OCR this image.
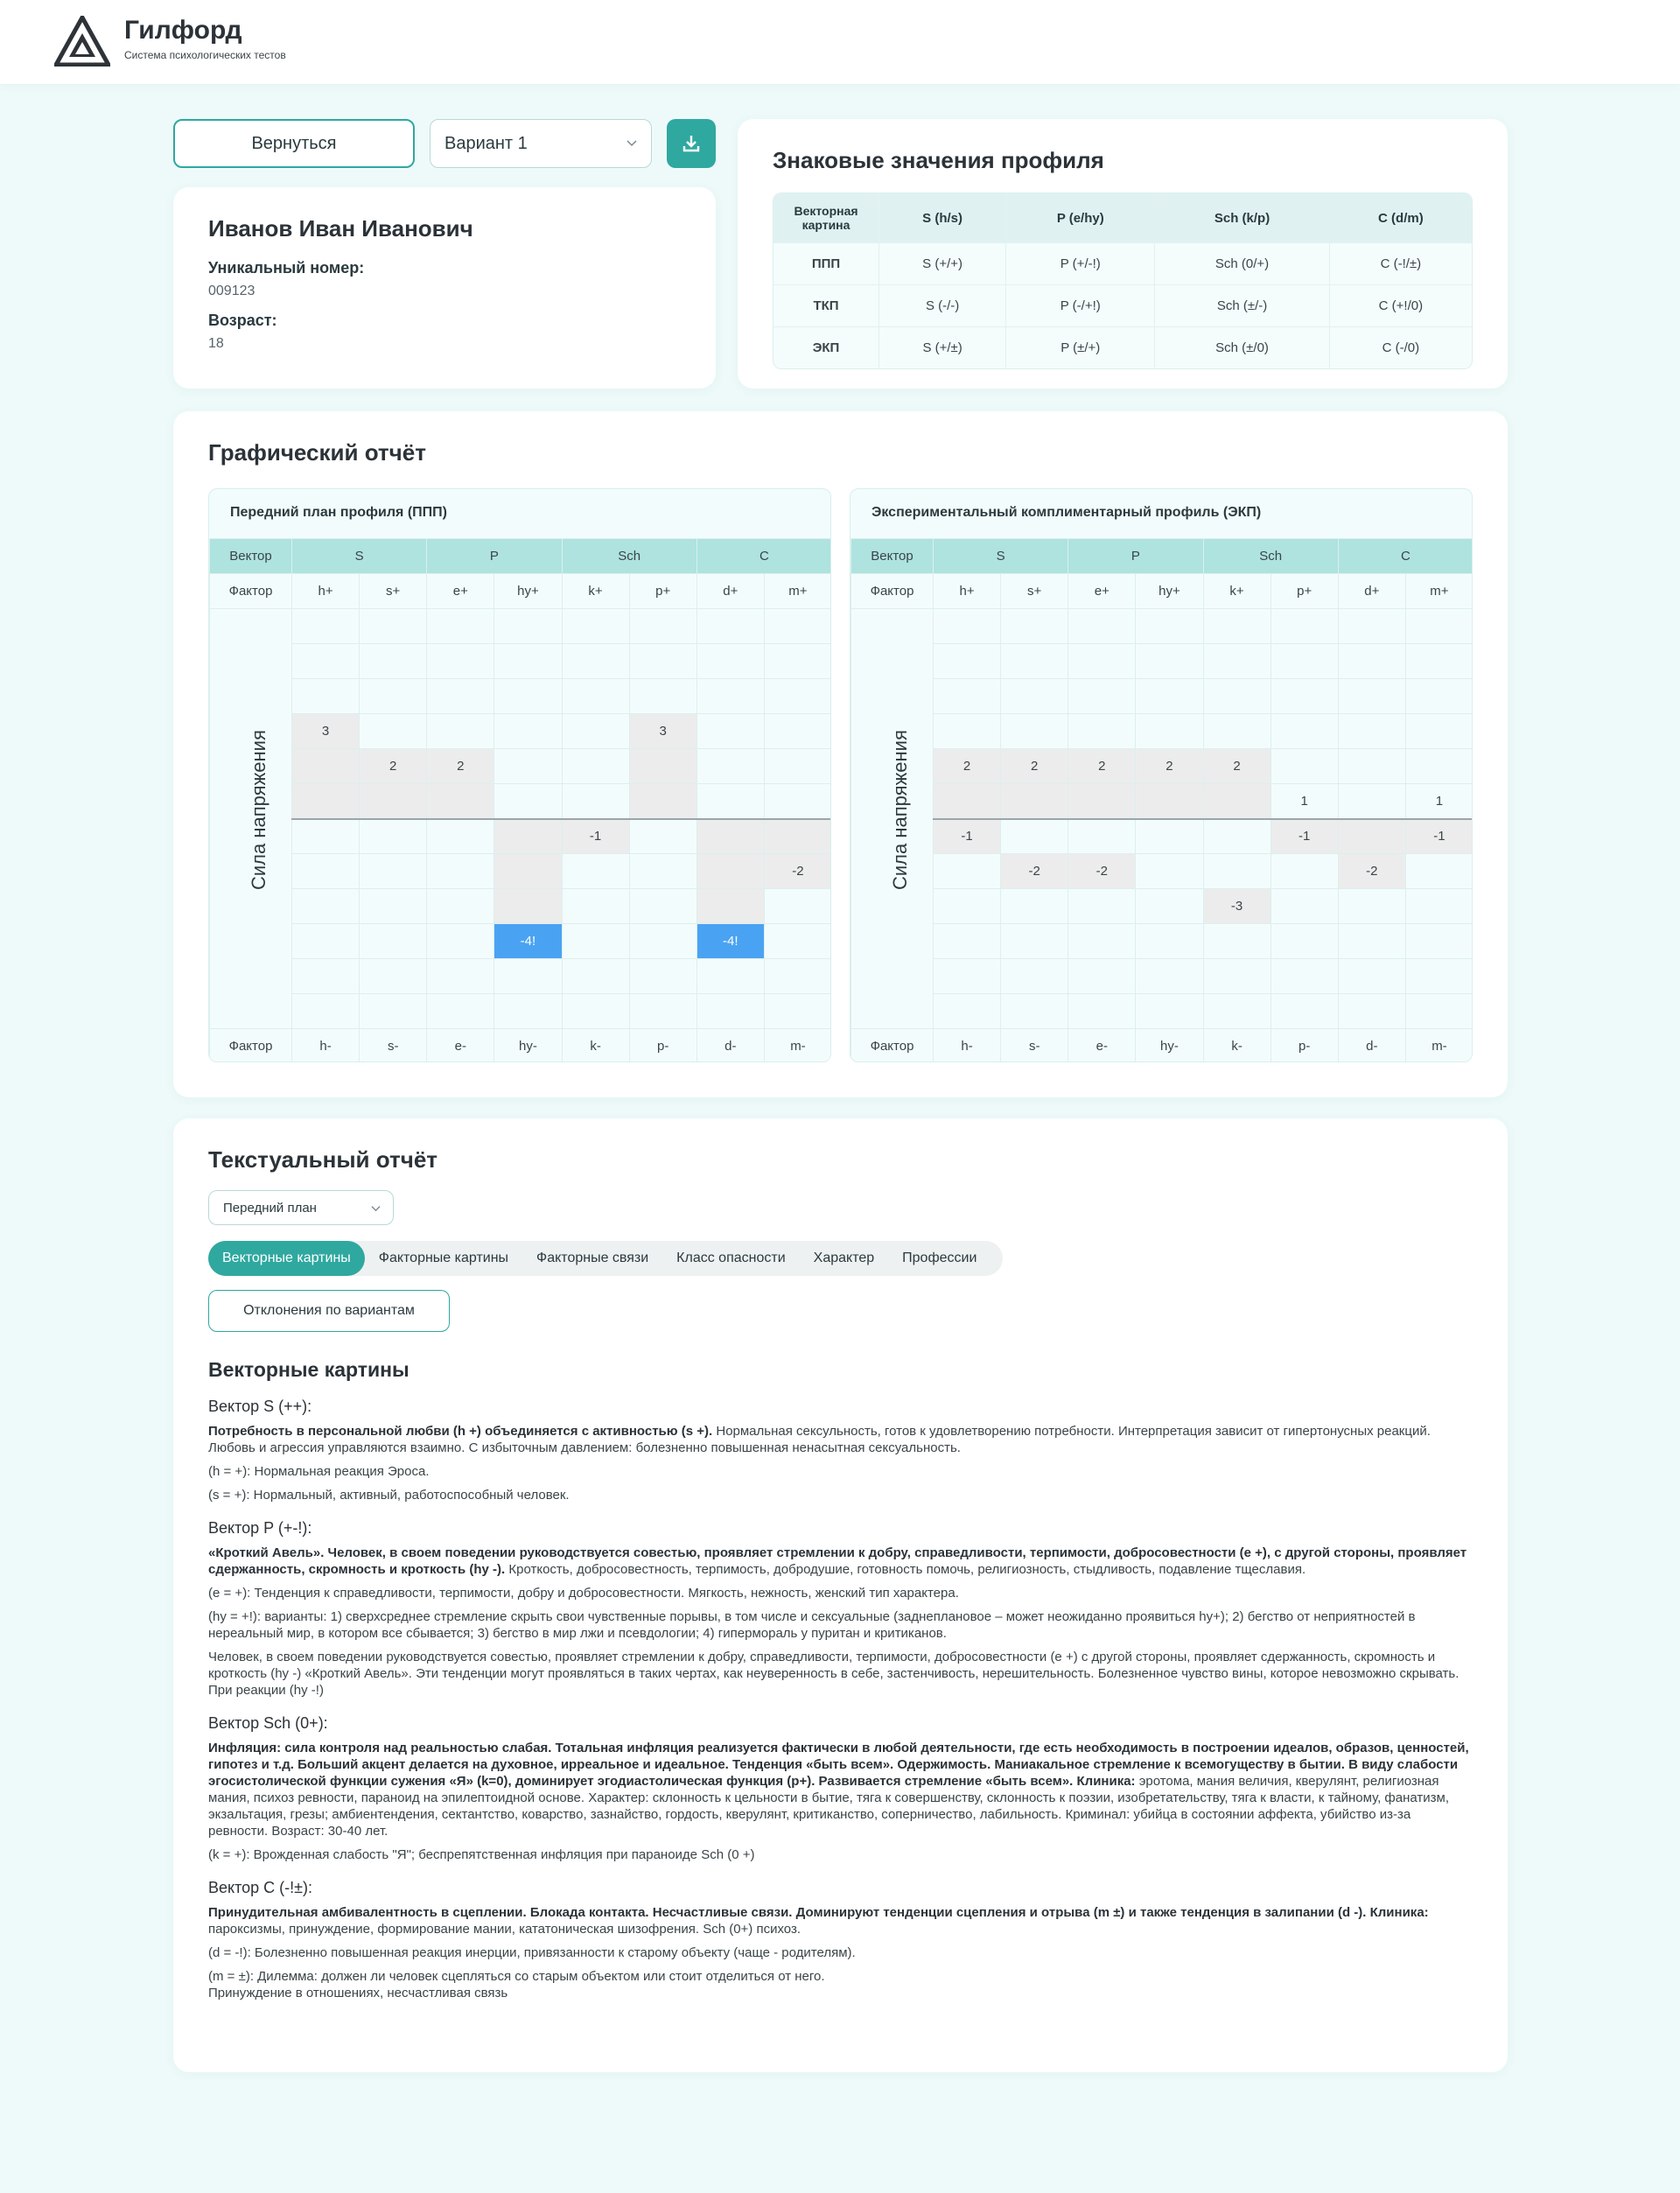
Гилфорд
Система психологических тестов
Вернуться	Вариант 1
Иванов Иван Иванович
Уникальный номер:
009123
Возраст:
18
Знаковые значения профиля
Векторная картина	S (h/s)	P (e/hy)	Sch (k/p)	C (d/m)
ППП	S (+/+)	P (+/-!)	Sch (0/+)	C (-!/±)
ТКП	S (-/-)	P (-/+!)	Sch (±/-)	C (+!/0)
ЭКП	S (+/±)	P (±/+)	Sch (±/0)	C (-/0)
Графический отчёт
Передний план профиля (ППП)
Вектор	S		P		Sch		C	
Фактор	h+	s+	e+	hy+	k+	p+	d+	m+

	3					3		
		2	2					

					-1			
								-2

				-4!			-4!	

Фактор	h-	s-	e-	hy-	k-	p-	d-	m-
Сила напряжения
Экспериментальный комплиментарный профиль (ЭКП)
Вектор	S		P		Sch		C	
Фактор	h+	s+	e+	hy+	k+	p+	d+	m+

	2	2	2	2	2			
						1		1
	-1					-1		-1
		-2	-2				-2	
					-3			

Фактор	h-	s-	e-	hy-	k-	p-	d-	m-
Сила напряжения
Текстуальный отчёт
Передний план
Векторные картины	Факторные картины	Факторные связи	Класс опасности	Характер	Профессии
Отклонения по вариантам
Векторные картины
Вектор S (++):

Потребность в персональной любви (h +) объединяется с активностью (s +). Нормальная сексульность, готов к удовлетворению потребности. Интерпретация зависит от гипертонусных реакций. Любовь и агрессия управляются взаимно. С избыточным давлением: болезненно повышенная ненасытная сексуальность.

(h = +): Нормальная реакция Эроса.

(s = +): Нормальный, активный, работоспособный человек.

Вектор P (+-!):

«Кроткий Авель». Человек, в своем поведении руководствуется совестью, проявляет стремлении к добру, справедливости, терпимости, добросовестности (е +), с другой стороны, проявляет сдержанность, скромность и кроткость (hy -). Кроткость, добросовестность, терпимость, добродушие, готовность помочь, религиозность, стыдливость, подавление тщеславия.

(e = +): Тенденция к справедливости, терпимости, добру и добросовестности. Мягкость, нежность, женский тип характера.

(hy = +!): варианты: 1) сверхсреднее стремление скрыть свои чувственные порывы, в том числе и сексуальные (заднеплановое – может неожиданно проявиться hy+); 2) бегство от неприятностей в нереальный мир, в котором все сбывается; 3) бегство в мир лжи и псевдологии; 4) гипермораль у пуритан и критиканов.

Человек, в своем поведении руководствуется совестью, проявляет стремлении к добру, справедливости, терпимости, добросовестности (е +) с другой стороны, проявляет сдержанность, скромность и кроткость (hy -) «Кроткий Авель». Эти тенденции могут проявляться в таких чертах, как неуверенность в себе, застенчивость, нерешительность. Болезненное чувство вины, которое невозможно скрывать. При реакции (hy -!)

Вектор Sch (0+):

Инфляция: сила контроля над реальностью слабая. Тотальная инфляция реализуется фактически в любой деятельности, где есть необходимость в построении идеалов, образов, ценностей, гипотез и т.д. Больший акцент делается на духовное, ирреальное и идеальное. Тенденция «быть всем». Одержимость. Маниакальное стремление к всемогуществу в бытии. В виду слабости эгосистолической функции сужения «Я» (k=0), доминирует эгодиастолическая функция (p+). Развивается стремление «быть всем». Клиника: эротома, мания величия, кверулянт, религиозная мания, психоз ревности, параноид на эпилептоидной основе. Характер: склонность к цельности в бытие, тяга к совершенству, склонность к поэзии, изобретательству, тяга к власти, к тайному, фанатизм, экзальтация, грезы; амбиентендения, сектантство, коварство, зазнайство, гордость, кверулянт, критиканство, соперничество, лабильность. Криминал: убийца в состоянии аффекта, убийство из-за ревности. Возраст: 30-40 лет.

(k = +): Врожденная слабость "Я"; беспрепятственная инфляция при параноиде Sch (0 +)

Вектор С (-!±):

Принудительная амбивалентность в сцеплении. Блокада контакта. Несчастливые связи. Доминируют тенденции сцепления и отрыва (m ±) и также тенденция в залипании (d -). Клиника: пароксизмы, принуждение, формирование мании, кататоническая шизофрения. Sch (0+) психоз.

(d = -!): Болезненно повышенная реакция инерции, привязанности к старому объекту (чаще - родителям).

(m = ±): Дилемма: должен ли человек сцепляться со старым объектом или стоит отделиться от него.

Принуждение в отношениях, несчастливая связь
